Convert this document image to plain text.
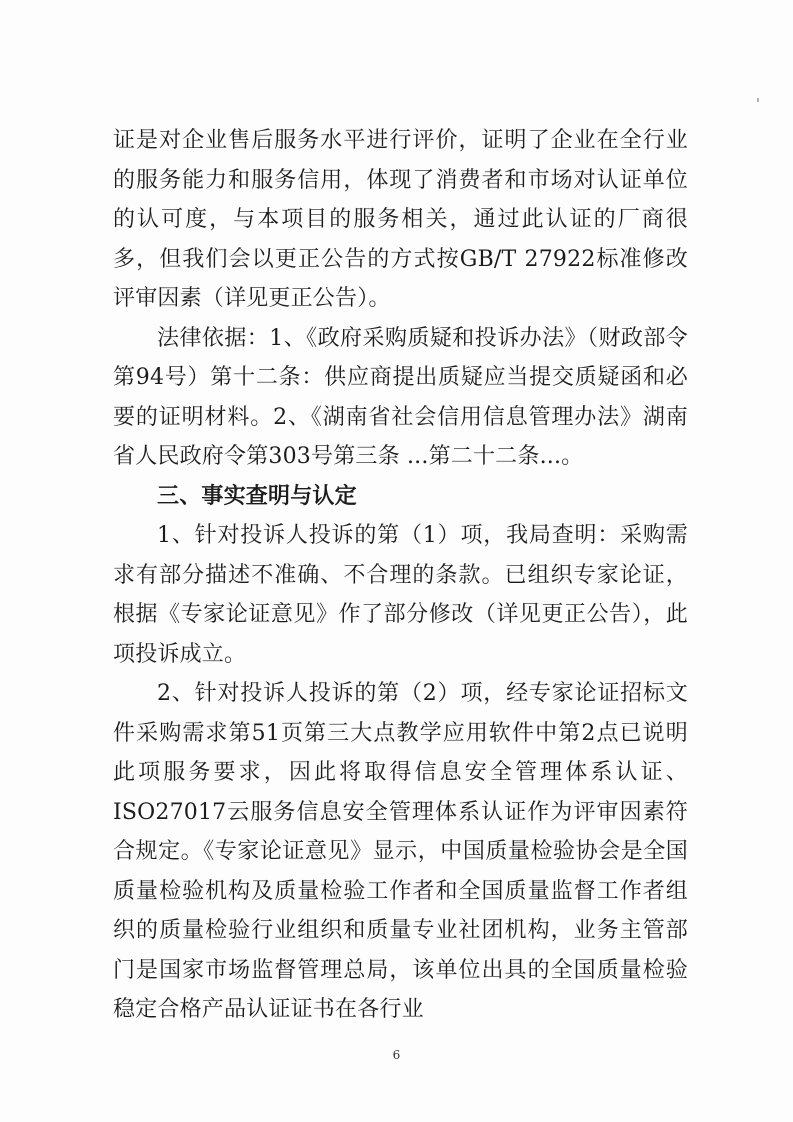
证是对企业售后服务水平进行评价，证明了企业在全行业的服务能力和服务信用，体现了消费者和市场对认证单位的认可度，与本项目的服务相关，通过此认证的厂商很多，但我们会以更正公告的方式按GB/T 27922标准修改评审因素（详见更正公告）。

法律依据：1、《政府采购质疑和投诉办法》（财政部令第94号）第十二条：供应商提出质疑应当提交质疑函和必要的证明材料。2、《湖南省社会信用信息管理办法》湖南省人民政府令第303号第三条 ...第二十二条...。

三、事实查明与认定

1、针对投诉人投诉的第（1）项，我局查明：采购需求有部分描述不准确、不合理的条款。已组织专家论证，根据《专家论证意见》作了部分修改（详见更正公告），此项投诉成立。

2、针对投诉人投诉的第（2）项，经专家论证招标文件采购需求第51页第三大点教学应用软件中第2点已说明此项服务要求，因此将取得信息安全管理体系认证、ISO27017云服务信息安全管理体系认证作为评审因素符合规定。《专家论证意见》显示，中国质量检验协会是全国质量检验机构及质量检验工作者和全国质量监督工作者组织的质量检验行业组织和质量专业社团机构，业务主管部门是国家市场监督管理总局，该单位出具的全国质量检验稳定合格产品认证证书在各行业

6
